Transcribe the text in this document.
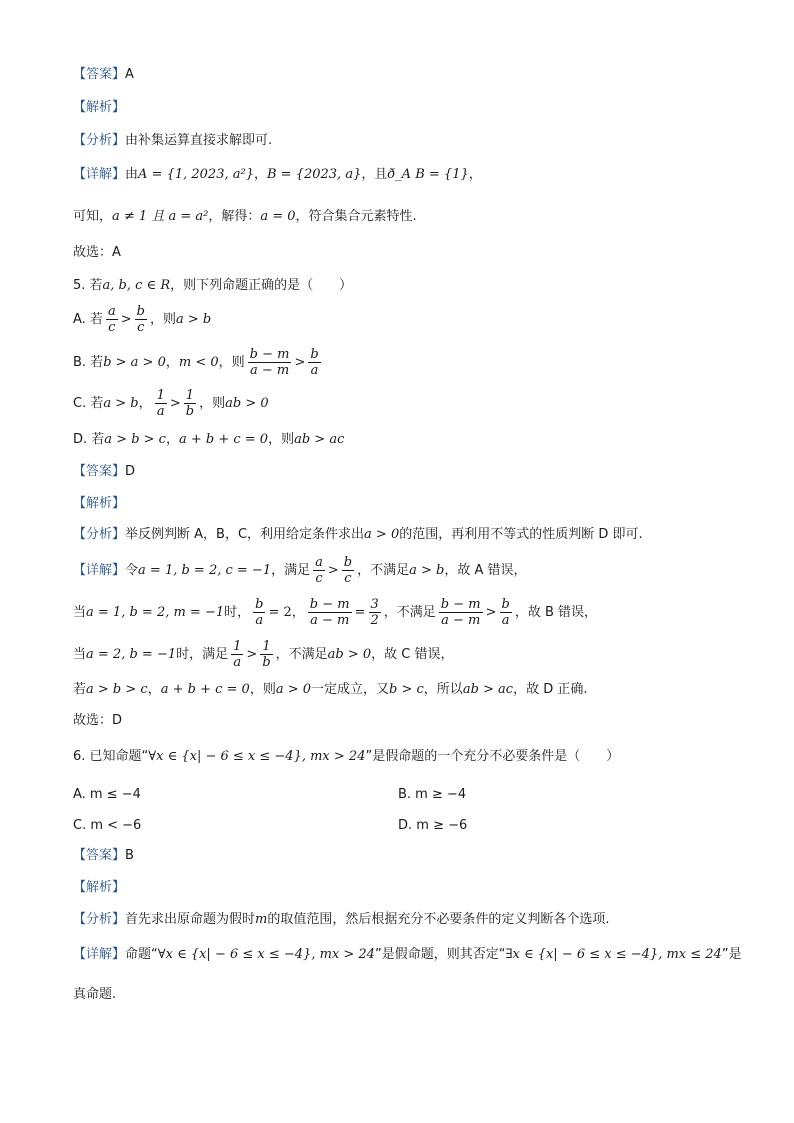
【答案】A
【解析】
【分析】由补集运算直接求解即可.
【详解】由A = {1, 2023, a²}，B = {2023, a}，且ð_A B = {1}，
可知，a ≠ 1 且 a = a²，解得：a = 0，符合集合元素特性.
故选：A
5. 若a, b, c ∈ R，则下列命题正确的是（　　）
A. 若 $\frac{a}{c} > \frac{b}{c}$ ，则a > b
B. 若b > a > 0，m < 0，则 $\frac{b - m}{a - m} > \frac{b}{a}$
C. 若a > b， $\frac{1}{a} > \frac{1}{b}$ ，则ab > 0
D. 若a > b > c，a + b + c = 0，则ab > ac
【答案】D
【解析】
【分析】举反例判断 A，B，C，利用给定条件求出a > 0的范围，再利用不等式的性质判断 D 即可.
【详解】令a = 1, b = 2, c = −1，满足 $\frac{a}{c} > \frac{b}{c}$ ，不满足a > b，故 A 错误，
当a = 1, b = 2, m = −1时， $\frac{b}{a} = 2$， $\frac{b - m}{a - m} = \frac{3}{2}$ ，不满足 $\frac{b - m}{a - m} > \frac{b}{a}$ ，故 B 错误，
当a = 2, b = −1时，满足 $\frac{1}{a} > \frac{1}{b}$ ，不满足ab > 0，故 C 错误，
若a > b > c，a + b + c = 0，则a > 0一定成立，又b > c，所以ab > ac，故 D 正确.
故选：D
6. 已知命题“∀x ∈ {x| − 6 ≤ x ≤ −4}, mx > 24”是假命题的一个充分不必要条件是（　　）
A. m ≤ −4	B. m ≥ −4
C. m < −6	D. m ≥ −6
【答案】B
【解析】
【分析】首先求出原命题为假时m的取值范围，然后根据充分不必要条件的定义判断各个选项.
【详解】命题“∀x ∈ {x| − 6 ≤ x ≤ −4}, mx > 24”是假命题，则其否定“∃x ∈ {x| − 6 ≤ x ≤ −4}, mx ≤ 24”是
真命题.
